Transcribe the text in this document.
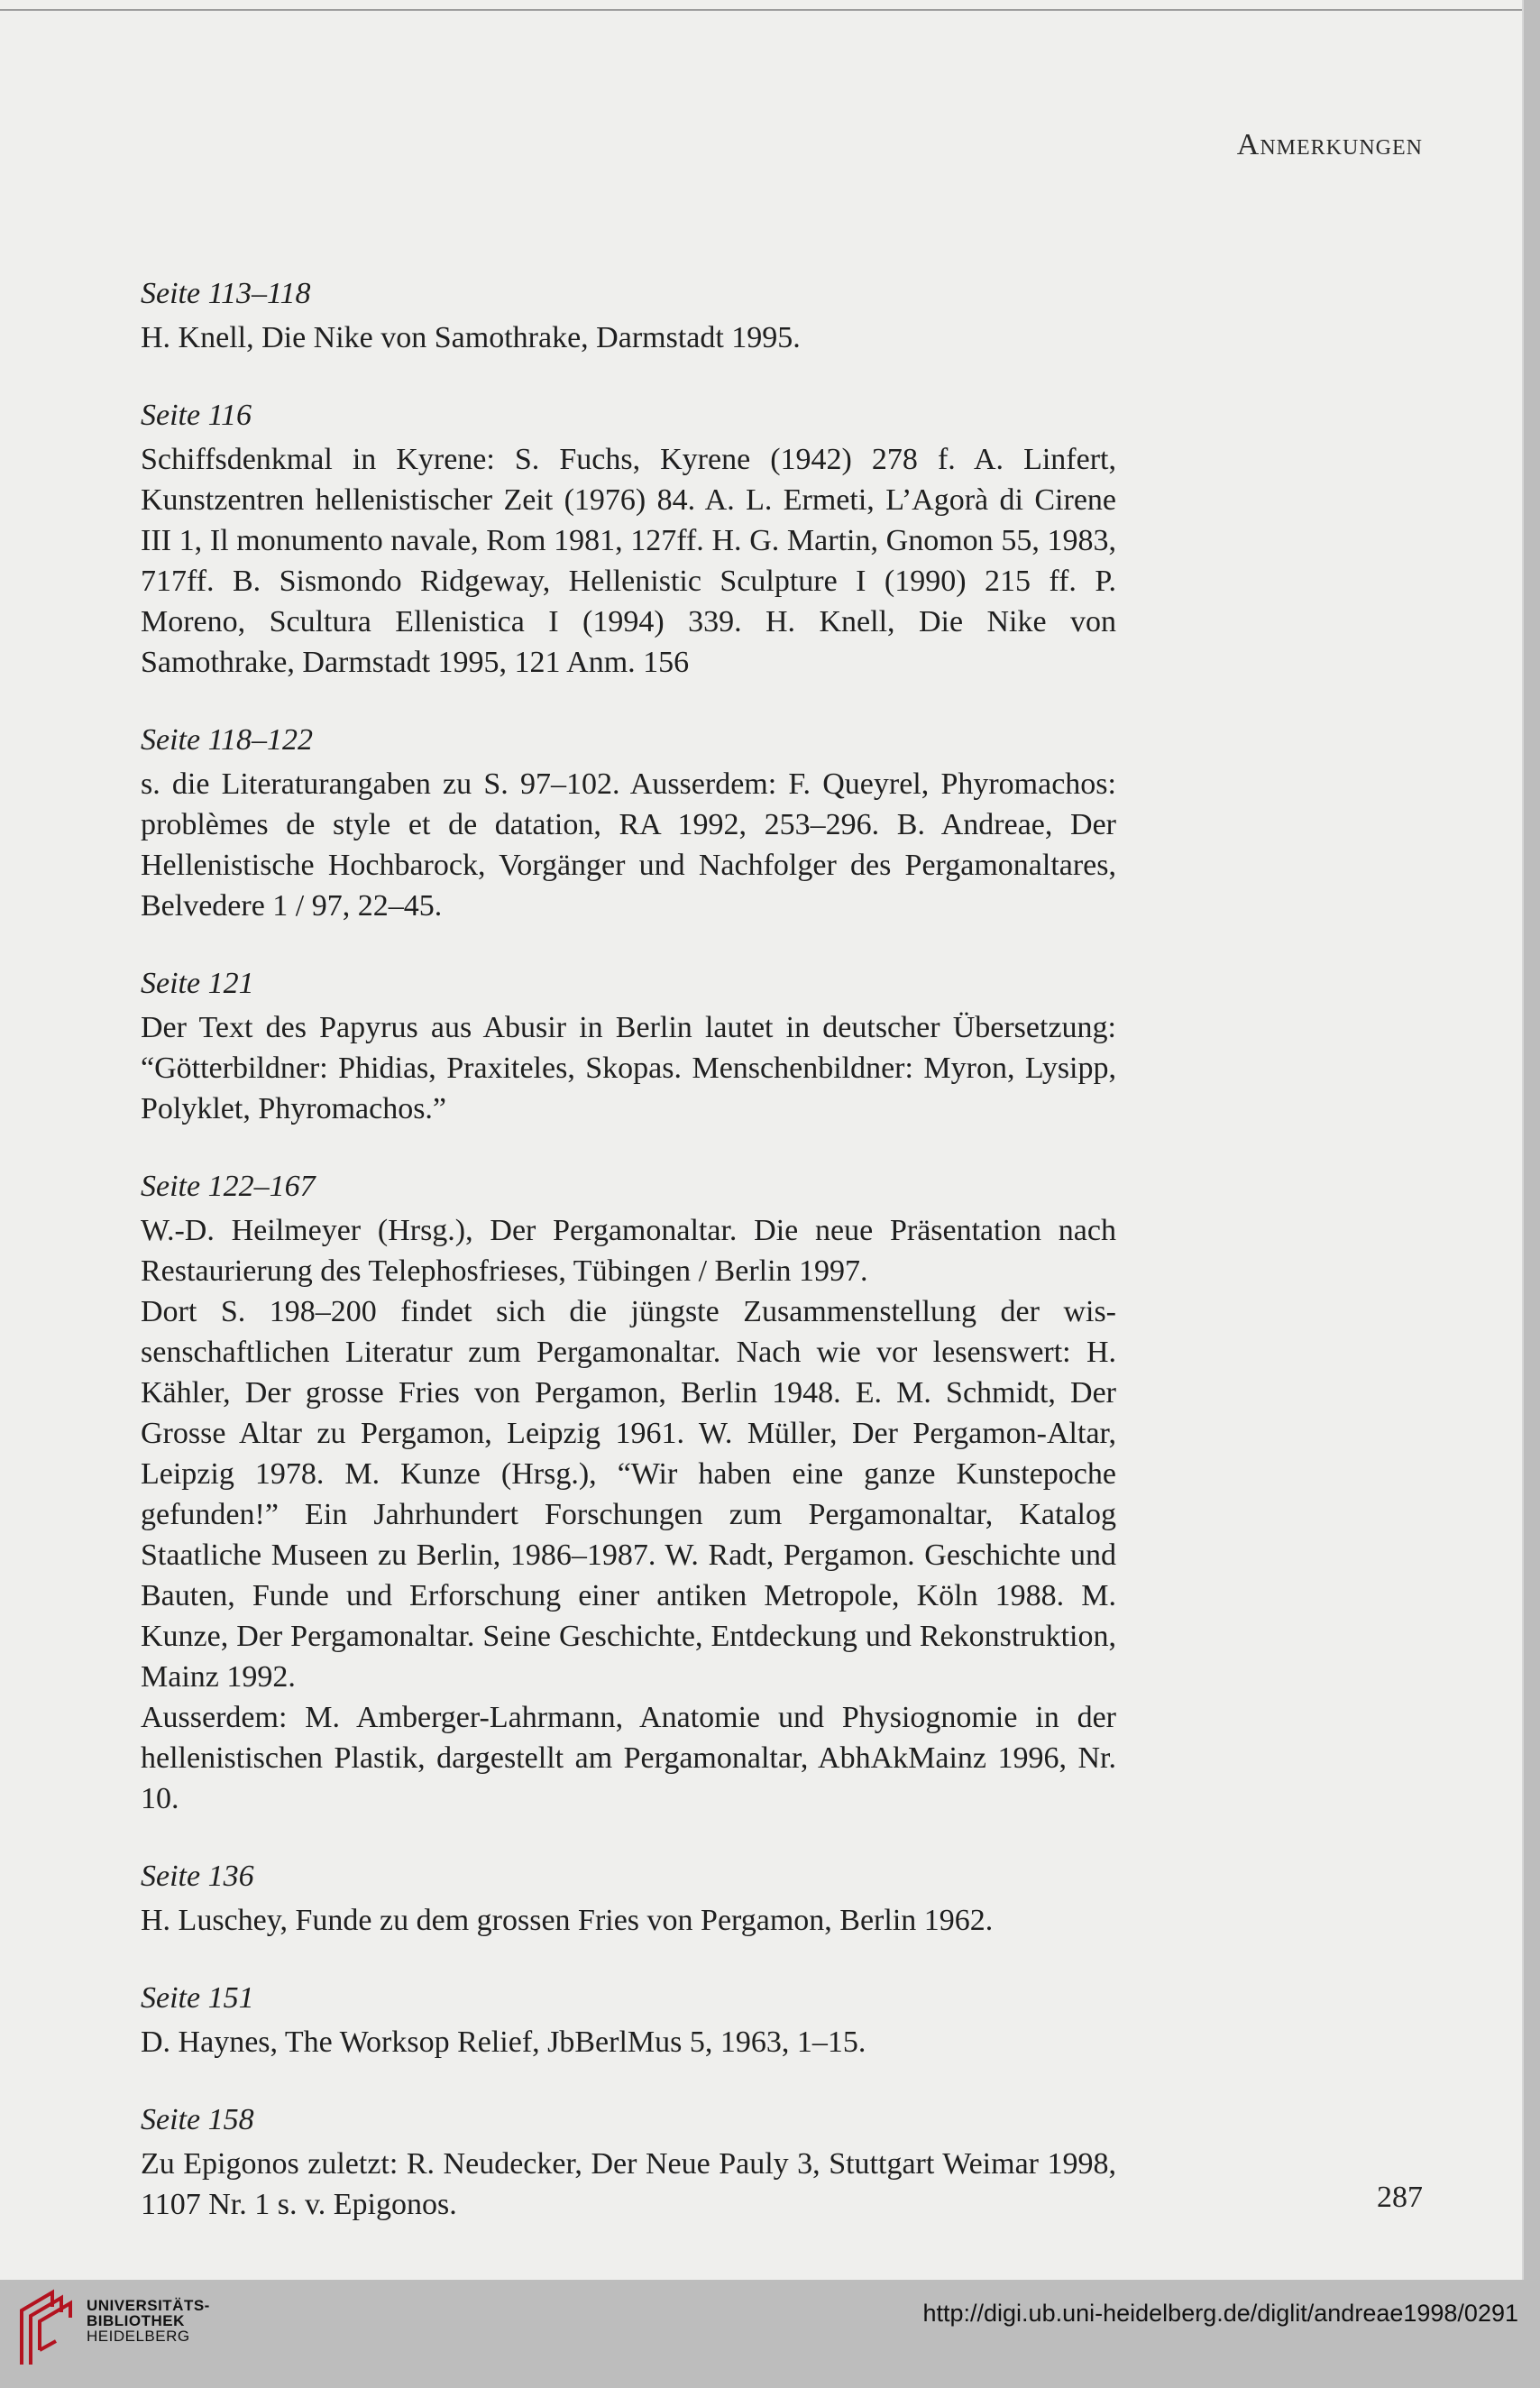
Anmerkungen

Seite 113–118

H. Knell, Die Nike von Samothrake, Darmstadt 1995.

Seite 116

Schiffsdenkmal in Kyrene: S. Fuchs, Kyrene (1942) 278 f. A. Linfert, Kunstzentren hellenistischer Zeit (1976) 84. A. L. Ermeti, L’Agorà di Cirene III 1, Il monumento navale, Rom 1981, 127ff. H. G. Martin, Gnomon 55, 1983, 717ff. B. Sismondo Ridgeway, Hellenistic Sculpture I (1990) 215 ff. P. Moreno, Scultura Ellenistica I (1994) 339. H. Knell, Die Nike von Samothrake, Darmstadt 1995, 121 Anm. 156

Seite 118–122

s. die Literaturangaben zu S. 97–102. Ausserdem: F. Queyrel, Phyromachos: problèmes de style et de datation, RA 1992, 253–296. B. Andreae, Der Hellenistische Hochbarock, Vorgänger und Nachfolger des Pergamonaltares, Belvedere 1 / 97, 22–45.

Seite 121

Der Text des Papyrus aus Abusir in Berlin lautet in deutscher Übersetzung: “Götterbildner: Phidias, Praxiteles, Skopas. Menschenbildner: Myron, Lysipp, Polyklet, Phyromachos.”

Seite 122–167

W.-D. Heilmeyer (Hrsg.), Der Pergamonaltar. Die neue Präsentation nach Restaurierung des Telephosfrieses, Tübingen / Berlin 1997.

Dort S. 198–200 findet sich die jüngste Zusammenstellung der wissenschaftlichen Literatur zum Pergamonaltar. Nach wie vor lesenswert: H. Kähler, Der grosse Fries von Pergamon, Berlin 1948. E. M. Schmidt, Der Grosse Altar zu Pergamon, Leipzig 1961. W. Müller, Der Pergamon-Altar, Leipzig 1978. M. Kunze (Hrsg.), “Wir haben eine ganze Kunstepoche gefunden!” Ein Jahrhundert Forschungen zum Pergamonaltar, Katalog Staatliche Museen zu Berlin, 1986–1987. W. Radt, Pergamon. Geschichte und Bauten, Funde und Erforschung einer antiken Metropole, Köln 1988. M. Kunze, Der Pergamonaltar. Seine Geschichte, Entdeckung und Rekonstruktion, Mainz 1992.

Ausserdem: M. Amberger-Lahrmann, Anatomie und Physiognomie in der hellenistischen Plastik, dargestellt am Pergamonaltar, AbhAkMainz 1996, Nr. 10.

Seite 136

H. Luschey, Funde zu dem grossen Fries von Pergamon, Berlin 1962.

Seite 151

D. Haynes, The Worksop Relief, JbBerlMus 5, 1963, 1–15.

Seite 158

Zu Epigonos zuletzt: R. Neudecker, Der Neue Pauly 3, Stuttgart Weimar 1998, 1107 Nr. 1 s. v. Epigonos.	287
UNIVERSITÄTS-
BIBLIOTHEK
HEIDELBERG
http://digi.ub.uni-heidelberg.de/diglit/andreae1998/0291
